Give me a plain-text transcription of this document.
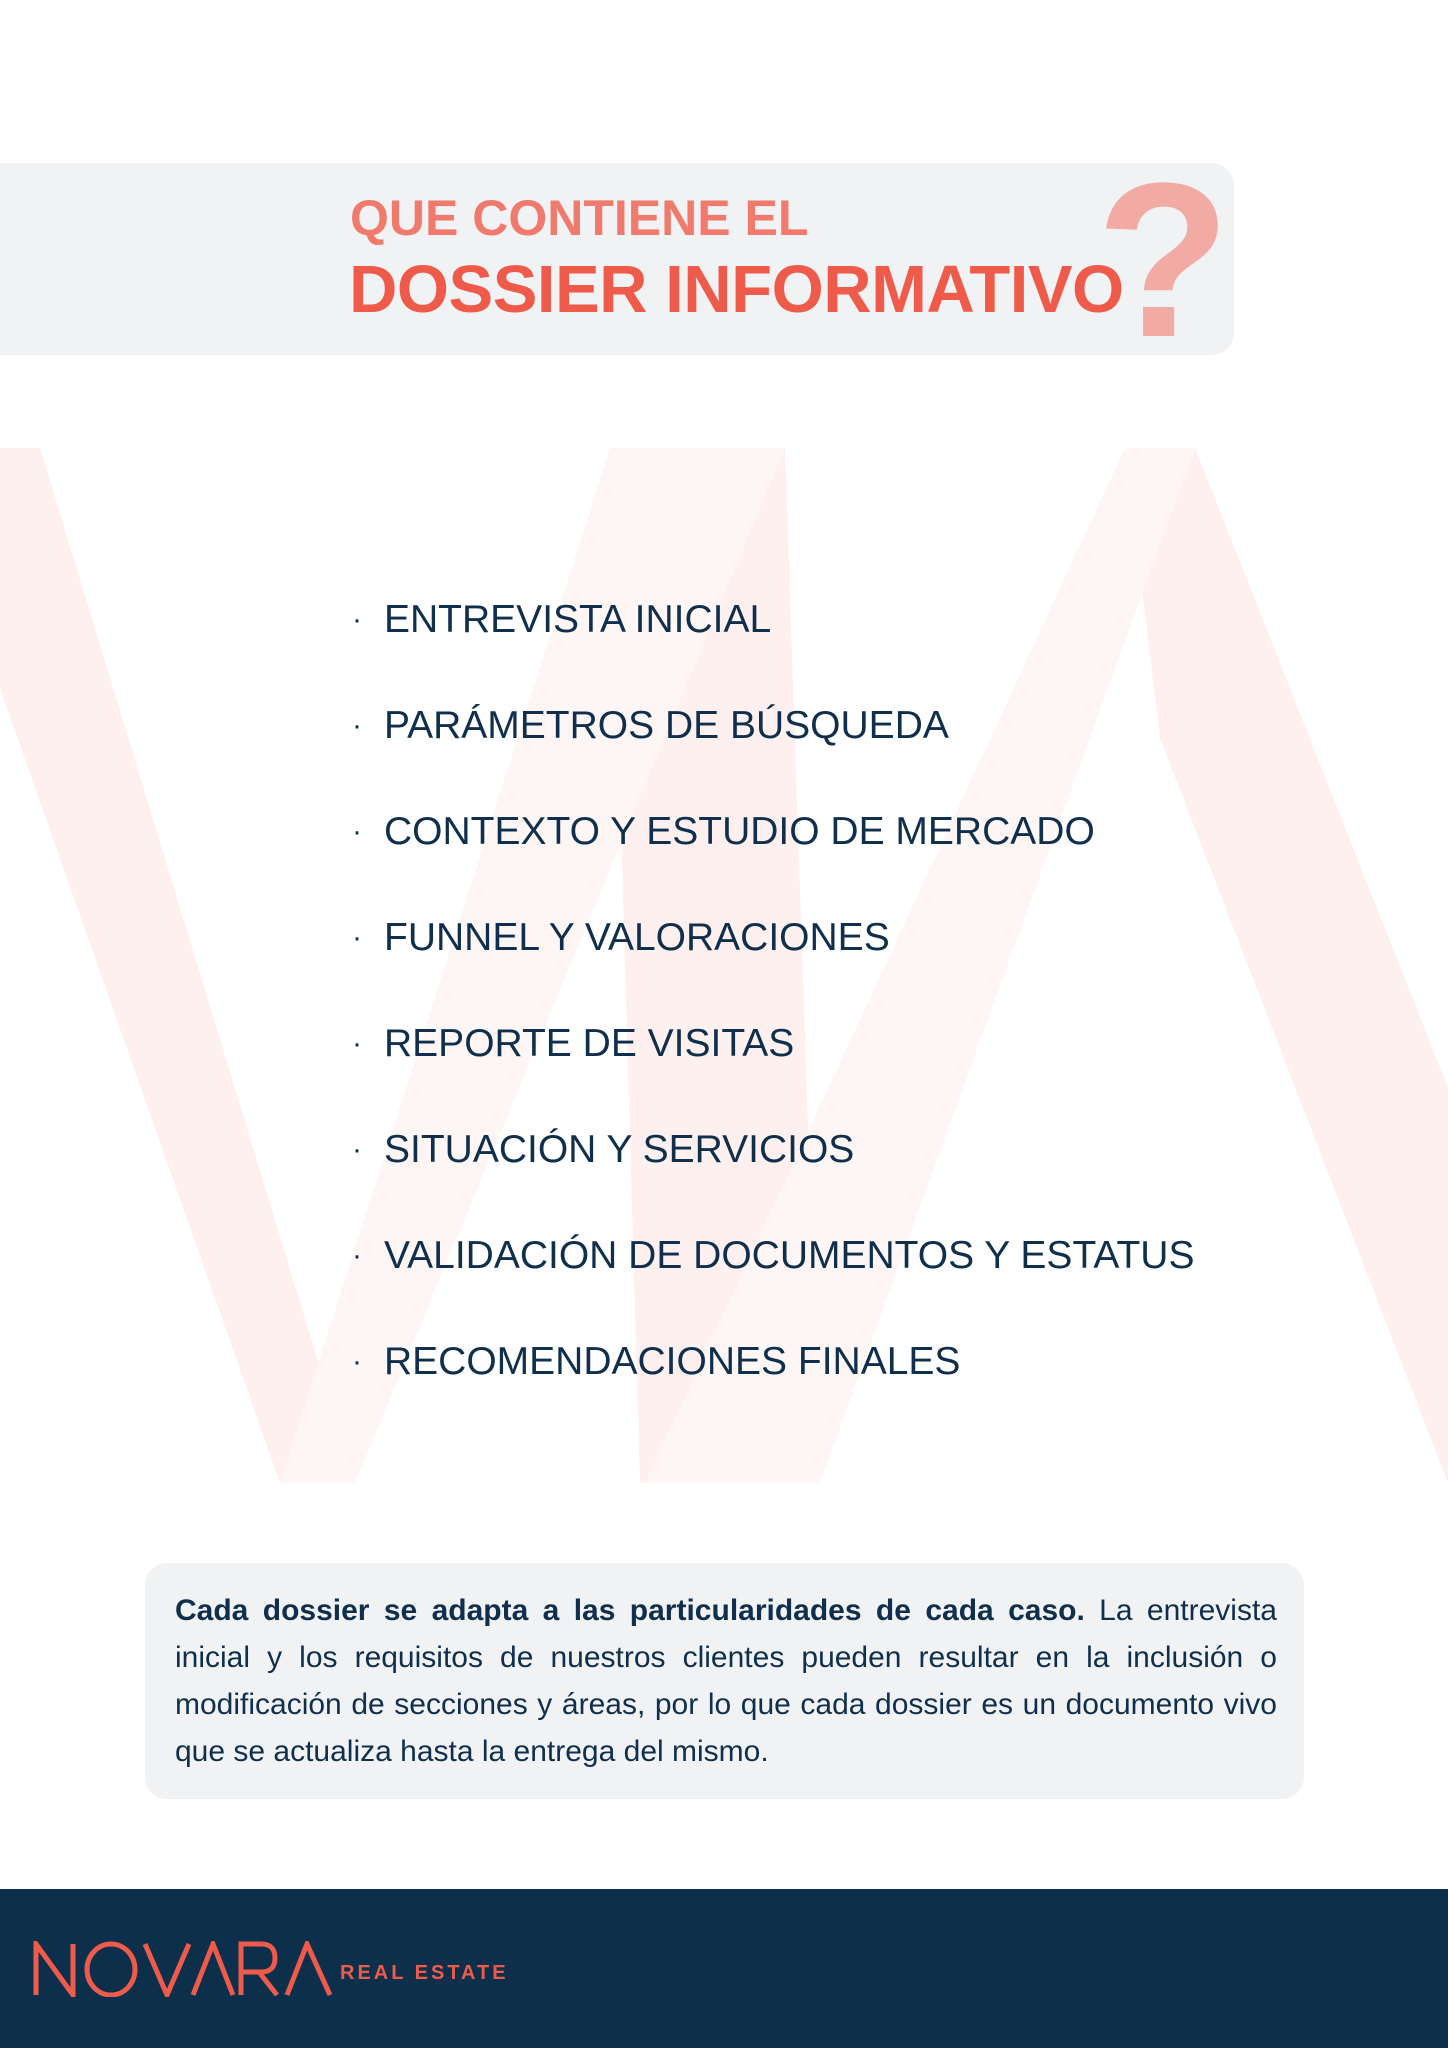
QUE CONTIENE EL
DOSSIER INFORMATIVO
?
· ENTREVISTA INICIAL
· PARÁMETROS DE BÚSQUEDA
· CONTEXTO Y ESTUDIO DE MERCADO
· FUNNEL Y VALORACIONES
· REPORTE DE VISITAS
· SITUACIÓN Y SERVICIOS
· VALIDACIÓN DE DOCUMENTOS Y ESTATUS
· RECOMENDACIONES FINALES

Cada dossier se adapta a las particularidades de cada caso. La entrevista inicial y los requisitos de nuestros clientes pueden resultar en la inclusión o modificación de secciones y áreas, por lo que cada dossier es un documento vivo que se actualiza hasta la entrega del mismo.

REAL ESTATE
